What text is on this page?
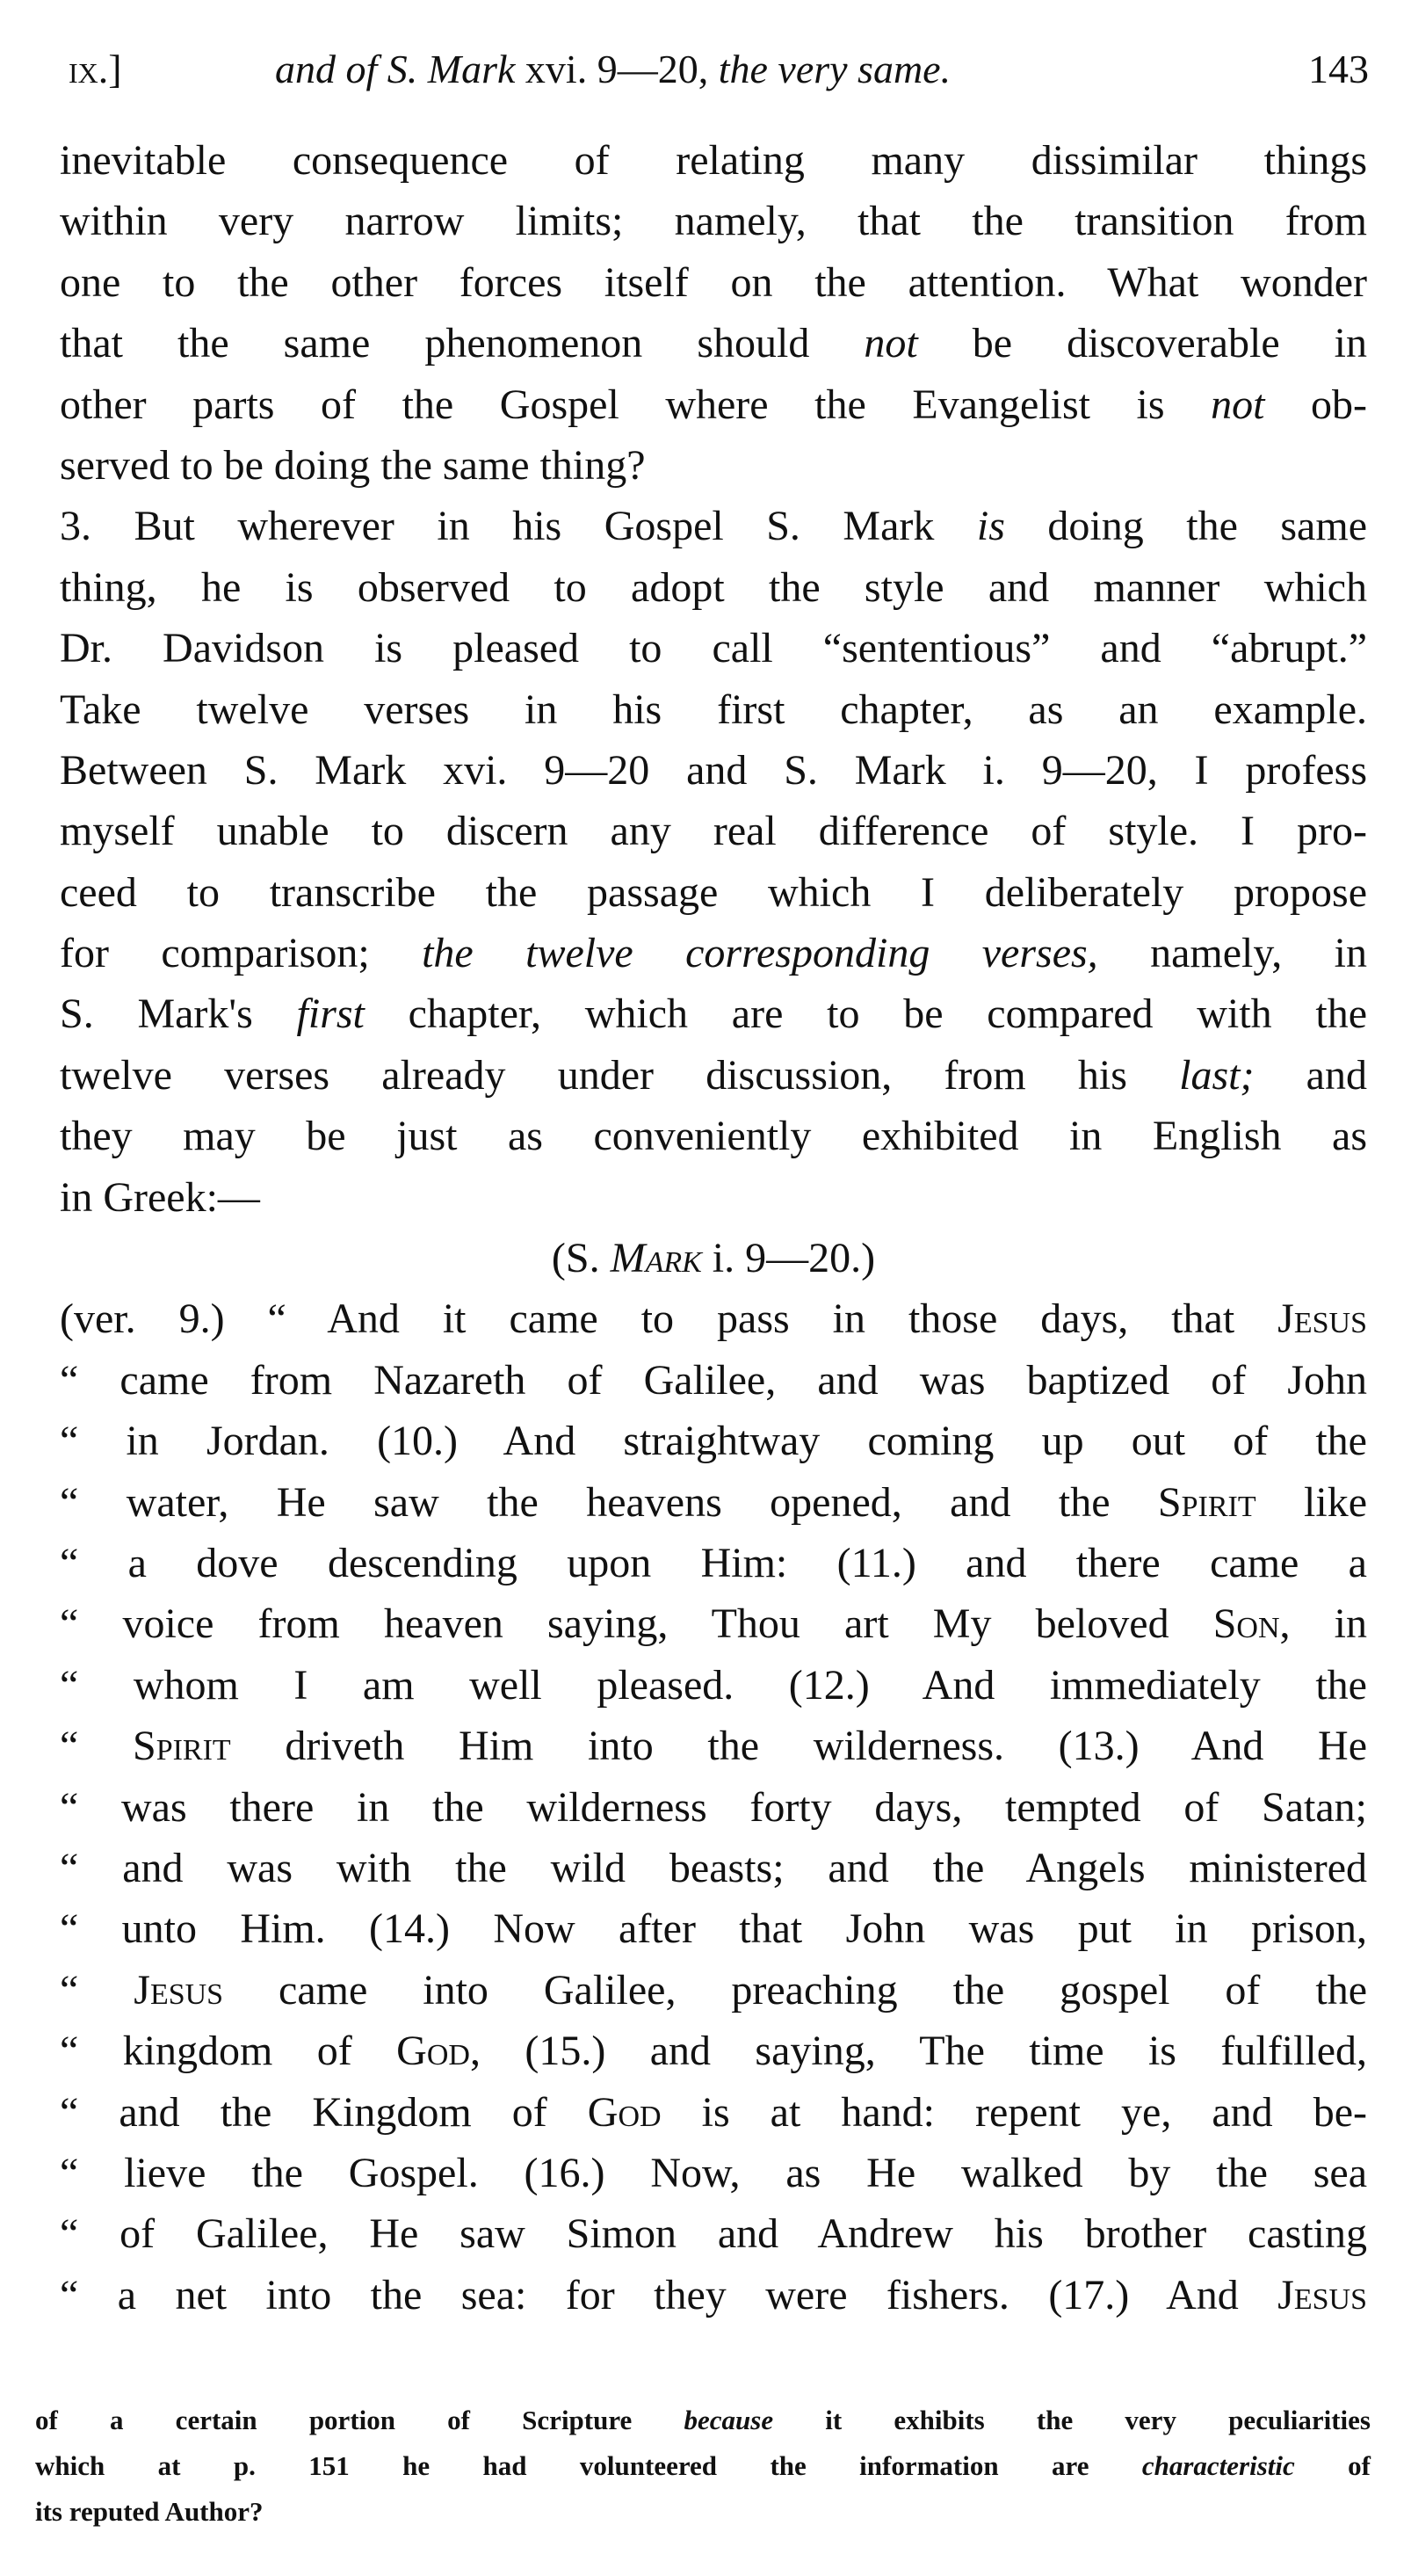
ix.]	and of S. Mark xvi. 9—20, the very same.	143
inevitable consequence of relating many dissimilar things
within very narrow limits; namely, that the transition from
one to the other forces itself on the attention. What wonder
that the same phenomenon should not be discoverable in
other parts of the Gospel where the Evangelist is not ob-
served to be doing the same thing?
3. But wherever in his Gospel S. Mark is doing the same
thing, he is observed to adopt the style and manner which
Dr. Davidson is pleased to call “sententious” and “abrupt.”
Take twelve verses in his first chapter, as an example.
Between S. Mark xvi. 9—20 and S. Mark i. 9—20, I profess
myself unable to discern any real difference of style. I pro-
ceed to transcribe the passage which I deliberately propose
for comparison; the twelve corresponding verses, namely, in
S. Mark's first chapter, which are to be compared with the
twelve verses already under discussion, from his last; and
they may be just as conveniently exhibited in English as
in Greek:—
(S. Mark i. 9—20.)
(ver. 9.) “ And it came to pass in those days, that Jesus
“ came from Nazareth of Galilee, and was baptized of John
“ in Jordan. (10.) And straightway coming up out of the
“ water, He saw the heavens opened, and the Spirit like
“ a dove descending upon Him: (11.) and there came a
“ voice from heaven saying, Thou art My beloved Son, in
“ whom I am well pleased. (12.) And immediately the
“ Spirit driveth Him into the wilderness. (13.) And He
“ was there in the wilderness forty days, tempted of Satan;
“ and was with the wild beasts; and the Angels ministered
“ unto Him. (14.) Now after that John was put in prison,
“ Jesus came into Galilee, preaching the gospel of the
“ kingdom of God, (15.) and saying, The time is fulfilled,
“ and the Kingdom of God is at hand: repent ye, and be-
“ lieve the Gospel. (16.) Now, as He walked by the sea
“ of Galilee, He saw Simon and Andrew his brother casting
“ a net into the sea: for they were fishers. (17.) And Jesus
of a certain portion of Scripture because it exhibits the very peculiarities
which at p. 151 he had volunteered the information are characteristic of
its reputed Author?
